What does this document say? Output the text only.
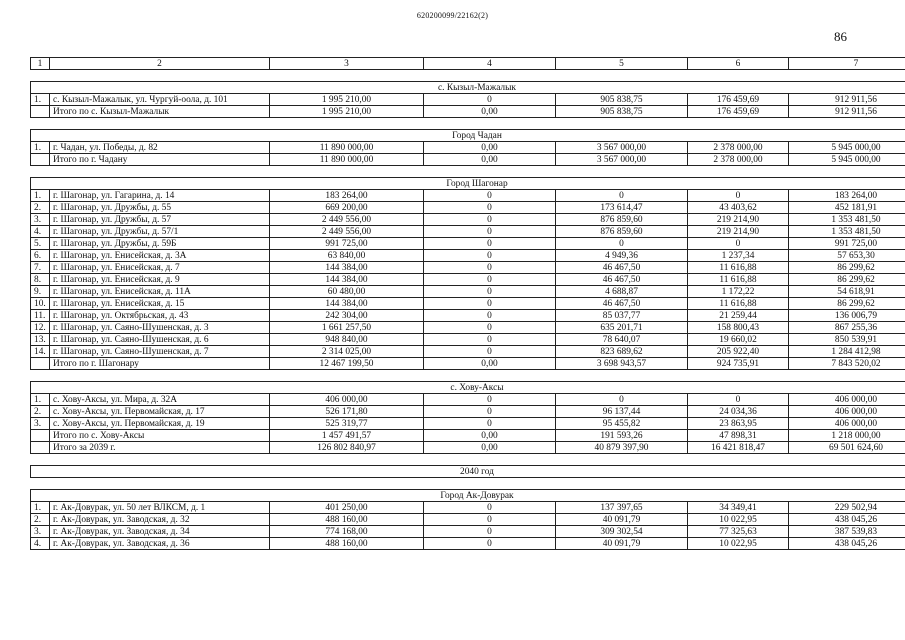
620200099/22162(2)
86
1	2	3	4	5	6	7

с. Кызыл-Мажалык						
1.	с. Кызыл-Мажалык, ул. Чургуй-оола, д. 101	1 995 210,00	0	905 838,75	176 459,69	912 911,56
	Итого по с. Кызыл-Мажалык	1 995 210,00	0,00	905 838,75	176 459,69	912 911,56

Город Чадан						
1.	г. Чадан, ул. Победы, д. 82	11 890 000,00	0,00	3 567 000,00	2 378 000,00	5 945 000,00
	Итого по г. Чадану	11 890 000,00	0,00	3 567 000,00	2 378 000,00	5 945 000,00

Город Шагонар						
1.	г. Шагонар, ул. Гагарина, д. 14	183 264,00	0	0	0	183 264,00
2.	г. Шагонар, ул. Дружбы, д. 55	669 200,00	0	173 614,47	43 403,62	452 181,91
3.	г. Шагонар, ул. Дружбы, д. 57	2 449 556,00	0	876 859,60	219 214,90	1 353 481,50
4.	г. Шагонар, ул. Дружбы, д. 57/1	2 449 556,00	0	876 859,60	219 214,90	1 353 481,50
5.	г. Шагонар, ул. Дружбы, д. 59Б	991 725,00	0	0	0	991 725,00
6.	г. Шагонар, ул. Енисейская, д. 3А	63 840,00	0	4 949,36	1 237,34	57 653,30
7.	г. Шагонар, ул. Енисейская, д. 7	144 384,00	0	46 467,50	11 616,88	86 299,62
8.	г. Шагонар, ул. Енисейская, д. 9	144 384,00	0	46 467,50	11 616,88	86 299,62
9.	г. Шагонар, ул. Енисейская, д. 11А	60 480,00	0	4 688,87	1 172,22	54 618,91
10.	г. Шагонар, ул. Енисейская, д. 15	144 384,00	0	46 467,50	11 616,88	86 299,62
11.	г. Шагонар, ул. Октябрьская, д. 43	242 304,00	0	85 037,77	21 259,44	136 006,79
12.	г. Шагонар, ул. Саяно-Шушенская, д. 3	1 661 257,50	0	635 201,71	158 800,43	867 255,36
13.	г. Шагонар, ул. Саяно-Шушенская, д. 6	948 840,00	0	78 640,07	19 660,02	850 539,91
14.	г. Шагонар, ул. Саяно-Шушенская, д. 7	2 314 025,00	0	823 689,62	205 922,40	1 284 412,98
	Итого по г. Шагонару	12 467 199,50	0,00	3 698 943,57	924 735,91	7 843 520,02

с. Хову-Аксы						
1.	с. Хову-Аксы, ул. Мира, д. 32А	406 000,00	0	0	0	406 000,00
2.	с. Хову-Аксы, ул. Первомайская, д. 17	526 171,80	0	96 137,44	24 034,36	406 000,00
3.	с. Хову-Аксы, ул. Первомайская, д. 19	525 319,77	0	95 455,82	23 863,95	406 000,00
	Итого по с. Хову-Аксы	1 457 491,57	0,00	191 593,26	47 898,31	1 218 000,00
	Итого за 2039 г.	126 802 840,97	0,00	40 879 397,90	16 421 818,47	69 501 624,60

2040 год						

Город Ак-Довурак						
1.	г. Ак-Довурак, ул. 50 лет ВЛКСМ, д. 1	401 250,00	0	137 397,65	34 349,41	229 502,94
2.	г. Ак-Довурак, ул. Заводская, д. 32	488 160,00	0	40 091,79	10 022,95	438 045,26
3.	г. Ак-Довурак, ул. Заводская, д. 34	774 168,00	0	309 302,54	77 325,63	387 539,83
4.	г. Ак-Довурак, ул. Заводская, д. 36	488 160,00	0	40 091,79	10 022,95	438 045,26
